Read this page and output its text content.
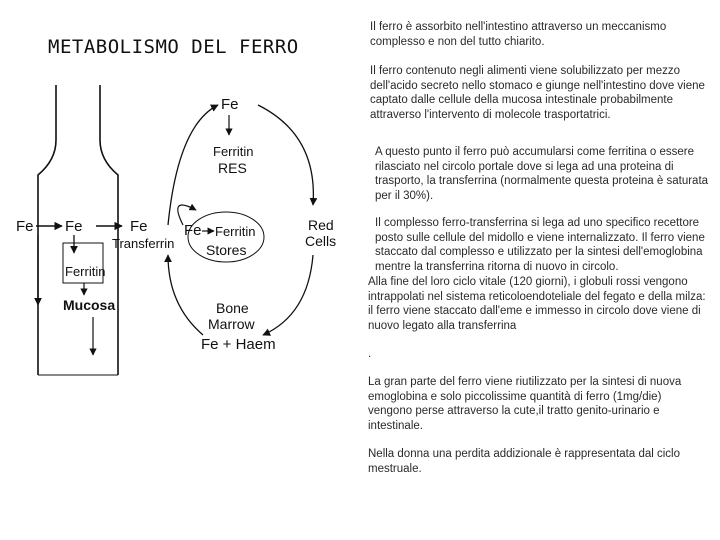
METABOLISMO DEL FERRO
Il ferro è assorbito nell'intestino attraverso un meccanismo complesso e non del tutto chiarito.
Il ferro contenuto negli alimenti viene solubilizzato per mezzo dell'acido secreto nello stomaco e giunge nell'intestino dove viene captato dalle cellule della mucosa intestinale probabilmente attraverso l'intervento di molecole trasportatrici.
A questo punto il ferro può accumularsi come ferritina o essere rilasciato nel circolo portale dove si lega ad una proteina di trasporto, la transferrina (normalmente questa proteina è saturata per il 30%).
Il complesso ferro-transferrina si lega ad uno specifico recettore posto sulle cellule del midollo e viene internalizzato. Il ferro viene staccato dal complesso e utilizzato per la sintesi dell'emoglobina mentre la transferrina ritorna di nuovo in circolo.
Alla fine del loro ciclo vitale (120 giorni), i globuli rossi vengono intrappolati nel sistema reticoloendoteliale del fegato e della milza: il ferro viene staccato dall'eme e immesso in circolo dove viene di nuovo legato alla transferrina
.
La gran parte del ferro viene riutilizzato per la sintesi di nuova emoglobina e solo piccolissime quantità di ferro (1mg/die) vengono perse attraverso la cute,il tratto genito-urinario e intestinale.
Nella donna una perdita addizionale è rappresentata dal ciclo mestruale.
Fe Fe
Ferritin
Mucosa
Fe
Transferrin
Fe
Ferritin
RES
Fe Ferritin
Stores
Red
Cells
Bone
Marrow
Fe + Haem
